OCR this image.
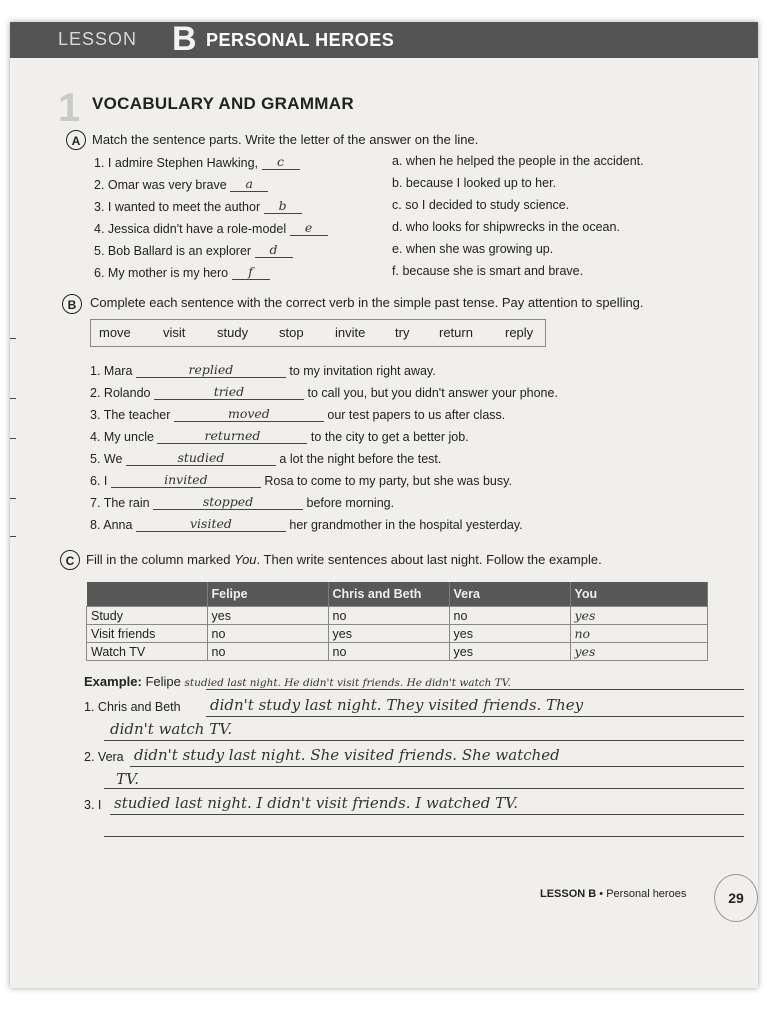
LESSON B PERSONAL HEROES
1 VOCABULARY AND GRAMMAR
A Match the sentence parts. Write the letter of the answer on the line.
1. I admire Stephen Hawking, c
2. Omar was very brave a
3. I wanted to meet the author b
4. Jessica didn't have a role-model e
5. Bob Ballard is an explorer d
6. My mother is my hero f
a. when he helped the people in the accident.
b. because I looked up to her.
c. so I decided to study science.
d. who looks for shipwrecks in the ocean.
e. when she was growing up.
f. because she is smart and brave.
B	Complete each sentence with the correct verb in the simple past tense. Pay attention to spelling.
move visit study stop invite try return reply
1. Mara	replied	to my invitation right away.
2. Rolando	tried	to call you, but you didn't answer your phone.
3. The teacher	moved	our test papers to us after class.
4. My uncle	returned	to the city to get a better job.
5. We	studied	a lot the night before the test.
6. I	invited	Rosa to come to my party, but she was busy.
7. The rain	stopped	before morning.
8. Anna	visited	her grandmother in the hospital yesterday.
C Fill in the column marked You. Then write sentences about last night. Follow the example.
	Felipe	Chris and Beth	Vera	You
Study	yes	no	no	yes
Visit friends	no	yes	yes	no
Watch TV	no	no	yes	yes
Example: Felipe studied last night. He didn't visit friends. He didn't watch TV.
1. Chris and Beth didn't study last night. They visited friends. They
didn't watch TV.
2. Vera didn't study last night. She visited friends. She watched
TV.
3. I studied last night. I didn't visit friends. I watched TV.
LESSON B • Personal heroes	29
